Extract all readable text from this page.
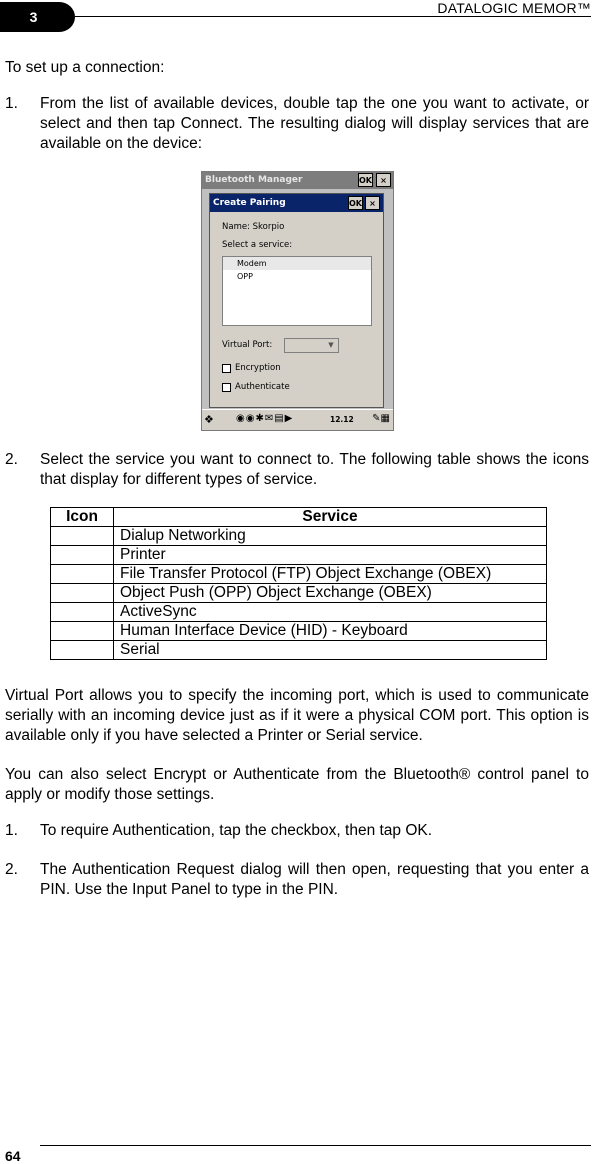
3
DATALOGIC MEMOR™
To set up a connection:
1. From the list of available devices, double tap the one you want to activate, or select and then tap Connect. The resulting dialog will display services that are available on the device:
Bluetooth Manager	OK	×
Create Pairing	OK ×
Name: Skorpio
Select a service:
Modem
OPP
Virtual Port:	▼
Encryption
Authenticate
❖ ◉◉✱✉▤▶	12.12 ✎▦
2. Select the service you want to connect to. The following table shows the icons that display for different types of service.
Icon	Service
	Dialup Networking
	Printer
	File Transfer Protocol (FTP) Object Exchange (OBEX)
	Object Push (OPP) Object Exchange (OBEX)
	ActiveSync
	Human Interface Device (HID) - Keyboard
	Serial
Virtual Port allows you to specify the incoming port, which is used to communicate serially with an incoming device just as if it were a physical COM port. This option is available only if you have selected a Printer or Serial service.
You can also select Encrypt or Authenticate from the Bluetooth® control panel to apply or modify those settings.
1. To require Authentication, tap the checkbox, then tap OK.
2. The Authentication Request dialog will then open, requesting that you enter a PIN. Use the Input Panel to type in the PIN.
64
